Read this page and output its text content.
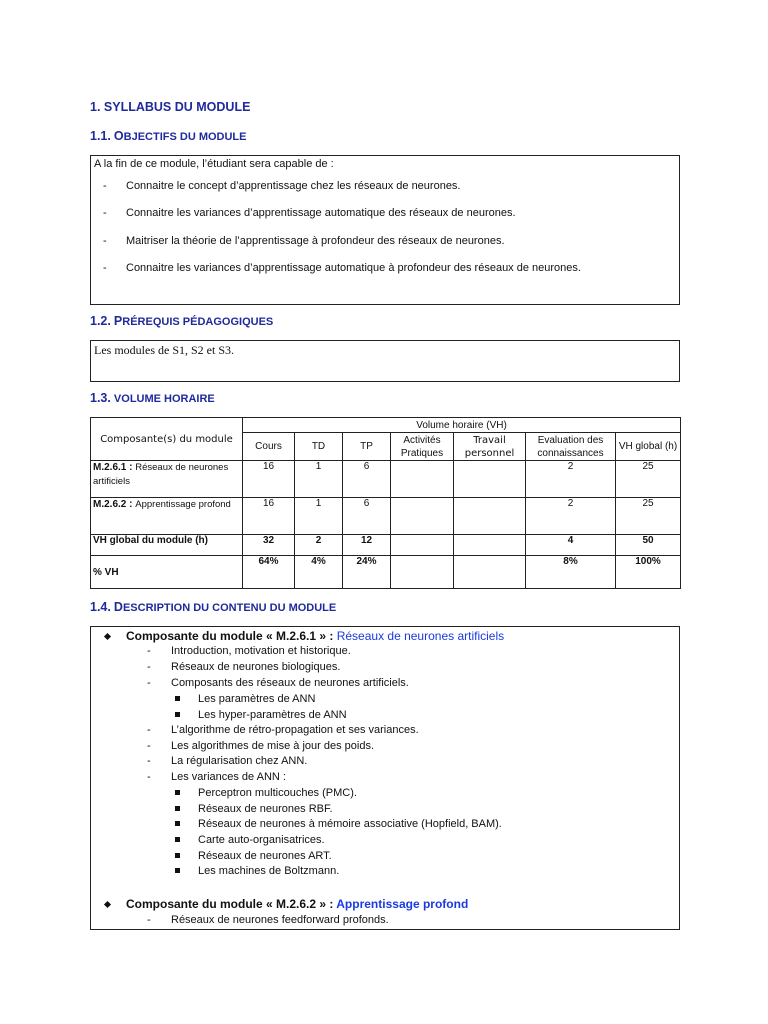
1. SYLLABUS DU MODULE
1.1. OBJECTIFS DU MODULE
A la fin de ce module, l’étudiant sera capable de :
- Connaitre le concept d’apprentissage chez les réseaux de neurones.
- Connaitre les variances d’apprentissage automatique des réseaux de neurones.
- Maitriser la théorie de l’apprentissage à profondeur des réseaux de neurones.
- Connaitre les variances d’apprentissage automatique à profondeur des réseaux de neurones.
1.2. PRÉREQUIS PÉDAGOGIQUES
Les modules de S1, S2 et S3.
1.3. VOLUME HORAIRE
Composante(s) du module	Volume horaire (VH)						
	Cours	TD	TP	Activités Pratiques	Travail personnel	Evaluation des connaissances	VH global (h)
M.2.6.1 : Réseaux de neurones artificiels	16	1	6			2	25
M.2.6.2 : Apprentissage profond	16	1	6			2	25
VH global du module (h)	32	2	12			4	50
% VH	64%	4%	24%			8%	100%
1.4. DESCRIPTION DU CONTENU DU MODULE
Composante du module « M.2.6.1 » : Réseaux de neurones artificiels
- Introduction, motivation et historique.
- Réseaux de neurones biologiques.
- Composants des réseaux de neurones artificiels.
Les paramètres de ANN
Les hyper-paramètres de ANN
- L’algorithme de rétro-propagation et ses variances.
- Les algorithmes de mise à jour des poids.
- La régularisation chez ANN.
- Les variances de ANN :
Perceptron multicouches (PMC).
Réseaux de neurones RBF.
Réseaux de neurones à mémoire associative (Hopfield, BAM).
Carte auto-organisatrices.
Réseaux de neurones ART.
Les machines de Boltzmann.
Composante du module « M.2.6.2 » : Apprentissage profond
- Réseaux de neurones feedforward profonds.
